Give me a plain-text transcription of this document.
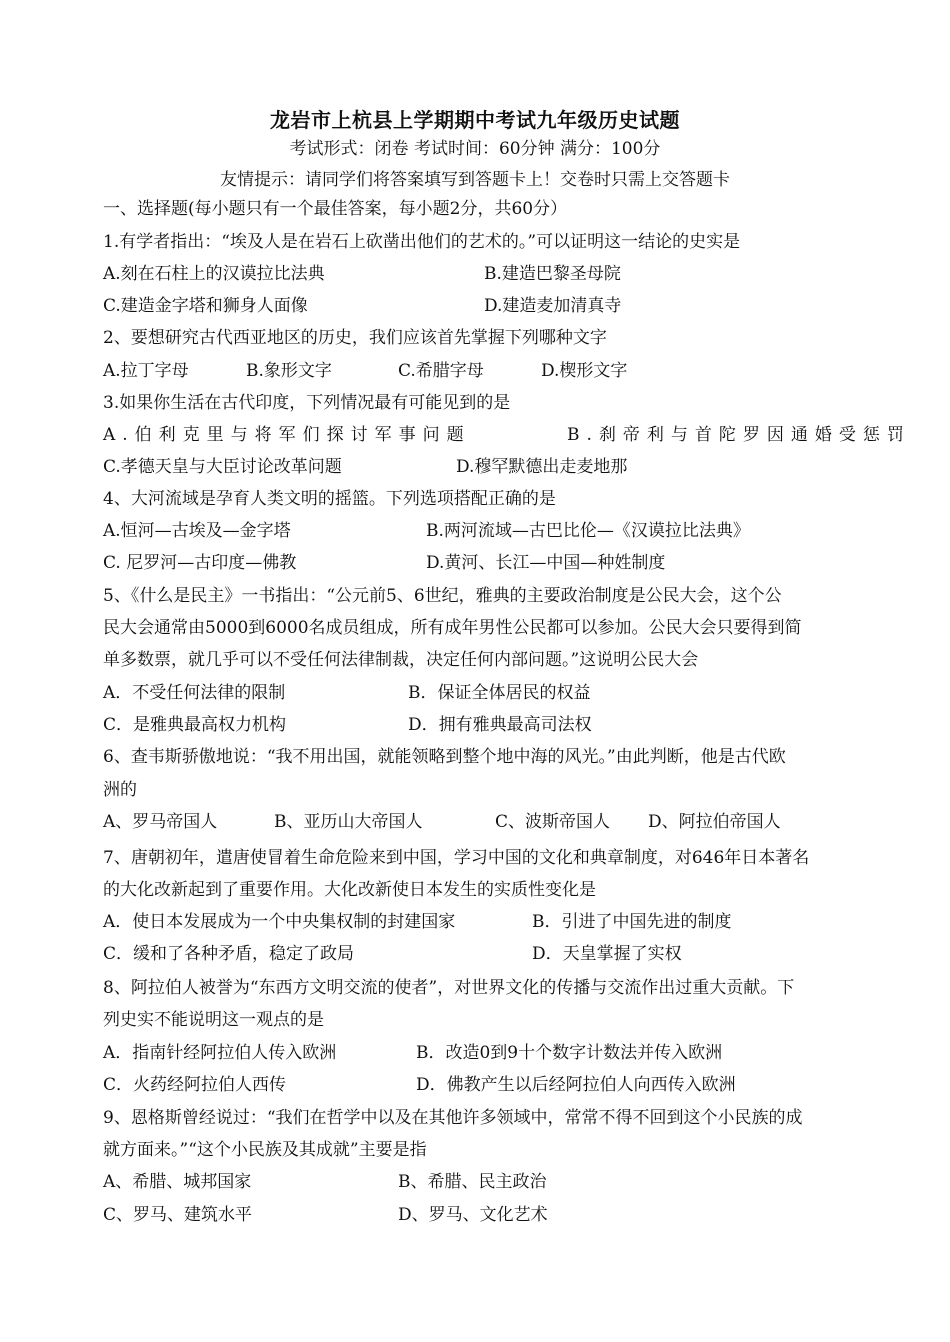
龙岩市上杭县上学期期中考试九年级历史试题
考试形式：闭卷 考试时间：60分钟 满分：100分
友情提示：请同学们将答案填写到答题卡上！交卷时只需上交答题卡
一、选择题(每小题只有一个最佳答案，每小题2分，共60分）
1.有学者指出：“埃及人是在岩石上砍凿出他们的艺术的。”可以证明这一结论的史实是
A.刻在石柱上的汉谟拉比法典	B.建造巴黎圣母院
C.建造金字塔和狮身人面像	D.建造麦加清真寺
2、要想研究古代西亚地区的历史，我们应该首先掌握下列哪种文字
A.拉丁字母	B.象形文字	C.希腊字母	D.楔形文字
3.如果你生活在古代印度，下列情况最有可能见到的是
A.伯利克里与将军们探讨军事问题	B.刹帝利与首陀罗因通婚受惩罚
C.孝德天皇与大臣讨论改革问题	D.穆罕默德出走麦地那
4、大河流域是孕育人类文明的摇篮。下列选项搭配正确的是
A.恒河—古埃及—金字塔	B.两河流域—古巴比伦—《汉谟拉比法典》
C. 尼罗河—古印度—佛教	D.黄河、长江—中国—种姓制度
5、《什么是民主》一书指出：“公元前5、6世纪，雅典的主要政治制度是公民大会，这个公
民大会通常由5000到6000名成员组成，所有成年男性公民都可以参加。公民大会只要得到简
单多数票，就几乎可以不受任何法律制裁，决定任何内部问题。”这说明公民大会
A．不受任何法律的限制	B．保证全体居民的权益
C．是雅典最高权力机构	D．拥有雅典最高司法权
6、查韦斯骄傲地说：“我不用出国，就能领略到整个地中海的风光。”由此判断，他是古代欧
洲的
A、罗马帝国人	B、亚历山大帝国人	C、波斯帝国人 D、阿拉伯帝国人
7、唐朝初年，遣唐使冒着生命危险来到中国，学习中国的文化和典章制度，对646年日本著名
的大化改新起到了重要作用。大化改新使日本发生的实质性变化是
A．使日本发展成为一个中央集权制的封建国家	B．引进了中国先进的制度
C．缓和了各种矛盾，稳定了政局	D．天皇掌握了实权
8、阿拉伯人被誉为“东西方文明交流的使者”，对世界文化的传播与交流作出过重大贡献。下
列史实不能说明这一观点的是
A．指南针经阿拉伯人传入欧洲	B．改造0到9十个数字计数法并传入欧洲
C．火药经阿拉伯人西传	D．佛教产生以后经阿拉伯人向西传入欧洲
9、恩格斯曾经说过：“我们在哲学中以及在其他许多领域中，常常不得不回到这个小民族的成
就方面来。”“这个小民族及其成就”主要是指
A、希腊、城邦国家	B、希腊、民主政治
C、罗马、建筑水平	D、罗马、文化艺术
